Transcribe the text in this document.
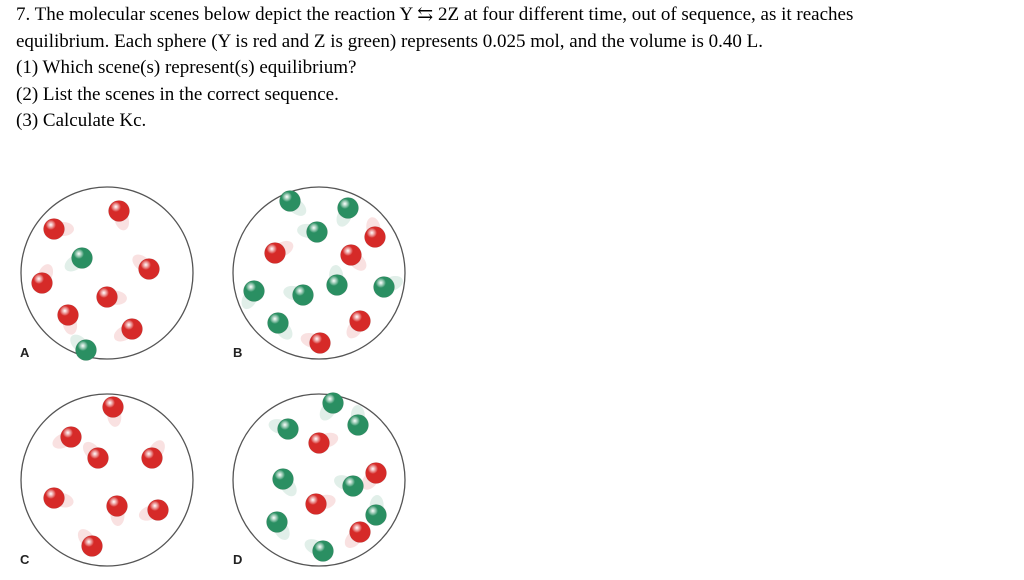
7. The molecular scenes below depict the reaction Y ⇆ 2Z at four different time, out of sequence, as it reaches

equilibrium. Each sphere (Y is red and Z is green) represents 0.025 mol, and the volume is 0.40 L.

(1) Which scene(s) represent(s) equilibrium?

(2) List the scenes in the correct sequence.

(3) Calculate Kc.

A	B
C	D
